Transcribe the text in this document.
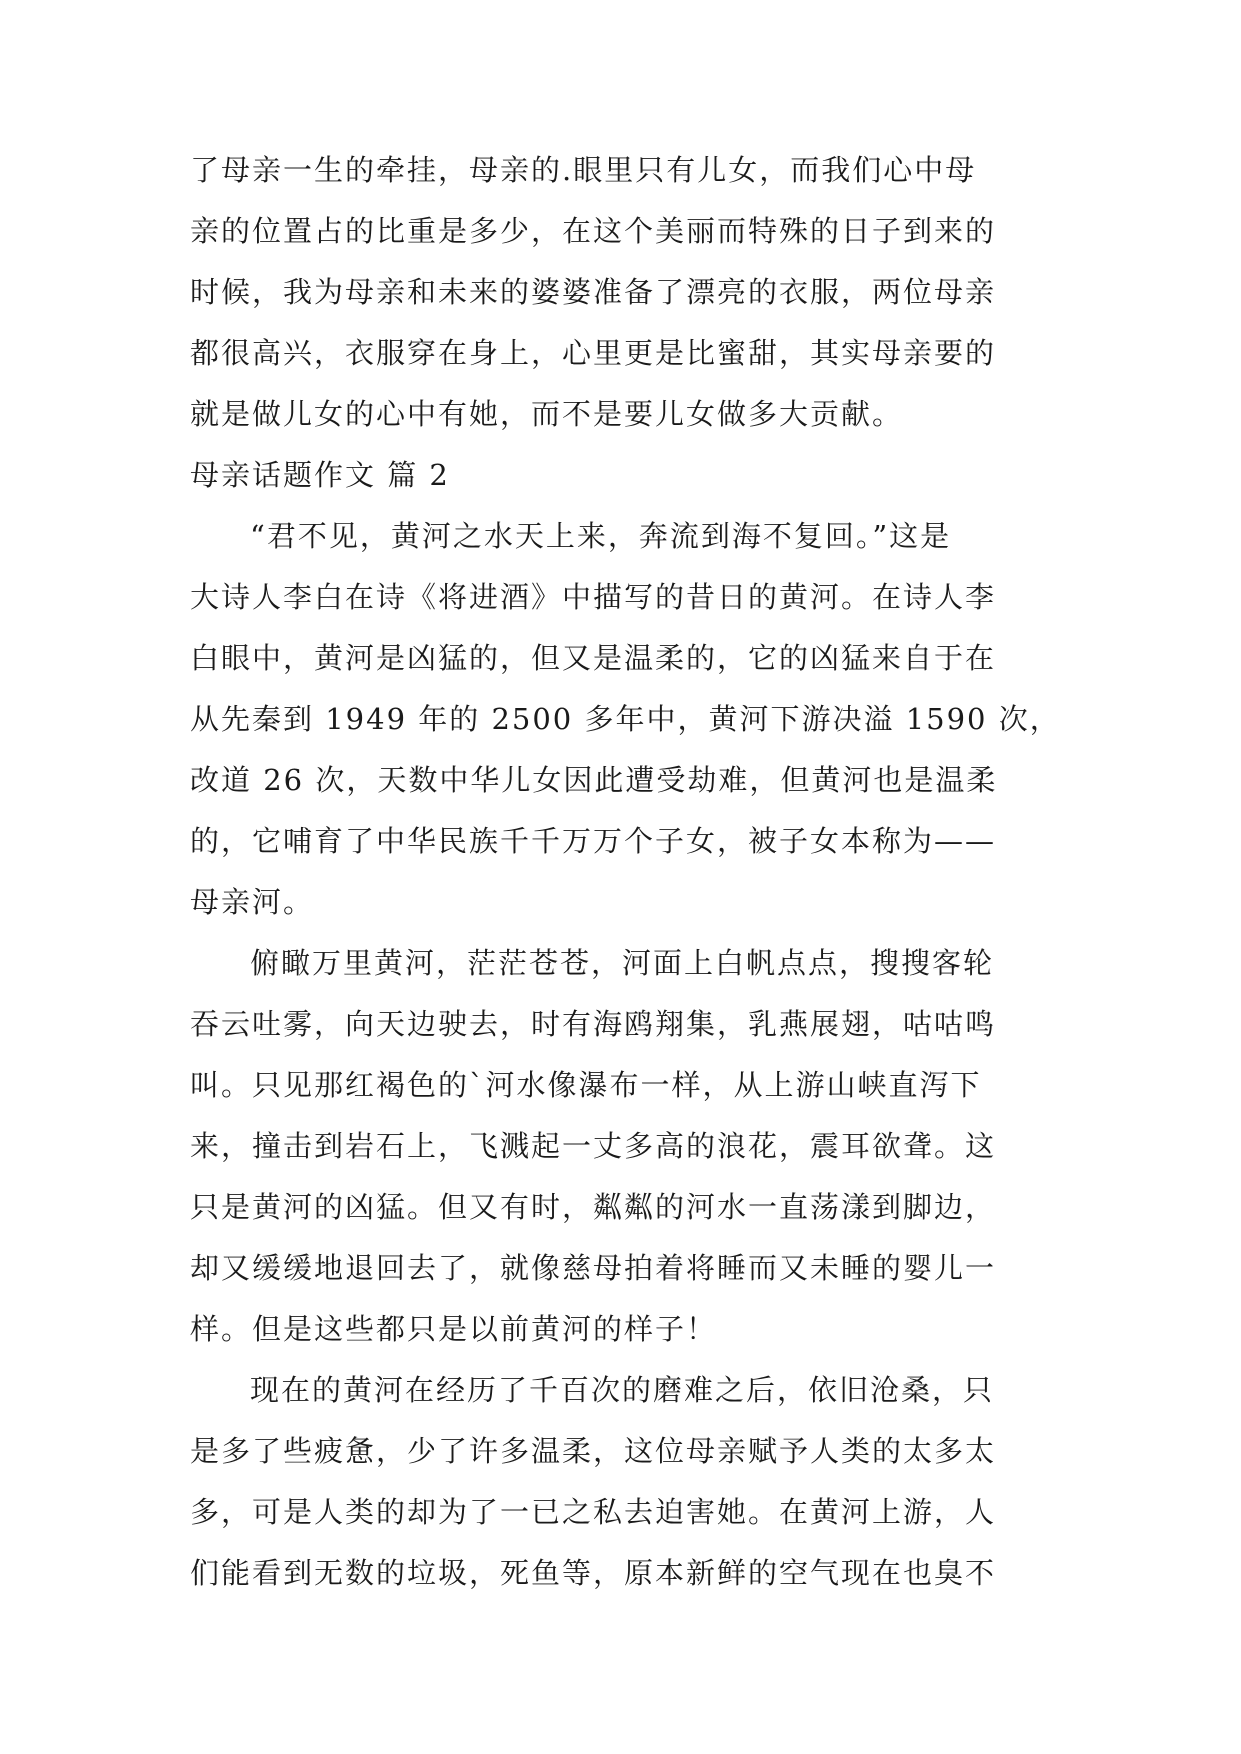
了母亲一生的牵挂，母亲的.眼里只有儿女，而我们心中母
亲的位置占的比重是多少，在这个美丽而特殊的日子到来的
时候，我为母亲和未来的婆婆准备了漂亮的衣服，两位母亲
都很高兴，衣服穿在身上，心里更是比蜜甜，其实母亲要的
就是做儿女的心中有她，而不是要儿女做多大贡献。
母亲话题作文 篇 2
“君不见，黄河之水天上来，奔流到海不复回。”这是
大诗人李白在诗《将进酒》中描写的昔日的黄河。在诗人李
白眼中，黄河是凶猛的，但又是温柔的，它的凶猛来自于在
从先秦到 1949 年的 2500 多年中，黄河下游决溢 1590 次，
改道 26 次，天数中华儿女因此遭受劫难，但黄河也是温柔
的，它哺育了中华民族千千万万个子女，被子女本称为——
母亲河。
俯瞰万里黄河，茫茫苍苍，河面上白帆点点，搜搜客轮
吞云吐雾，向天边驶去，时有海鸥翔集，乳燕展翅，咕咕鸣
叫。只见那红褐色的`河水像瀑布一样，从上游山峡直泻下
来，撞击到岩石上，飞溅起一丈多高的浪花，震耳欲聋。这
只是黄河的凶猛。但又有时，粼粼的河水一直荡漾到脚边，
却又缓缓地退回去了，就像慈母拍着将睡而又未睡的婴儿一
样。但是这些都只是以前黄河的样子！
现在的黄河在经历了千百次的磨难之后，依旧沧桑，只
是多了些疲惫，少了许多温柔，这位母亲赋予人类的太多太
多，可是人类的却为了一已之私去迫害她。在黄河上游，人
们能看到无数的垃圾，死鱼等，原本新鲜的空气现在也臭不
